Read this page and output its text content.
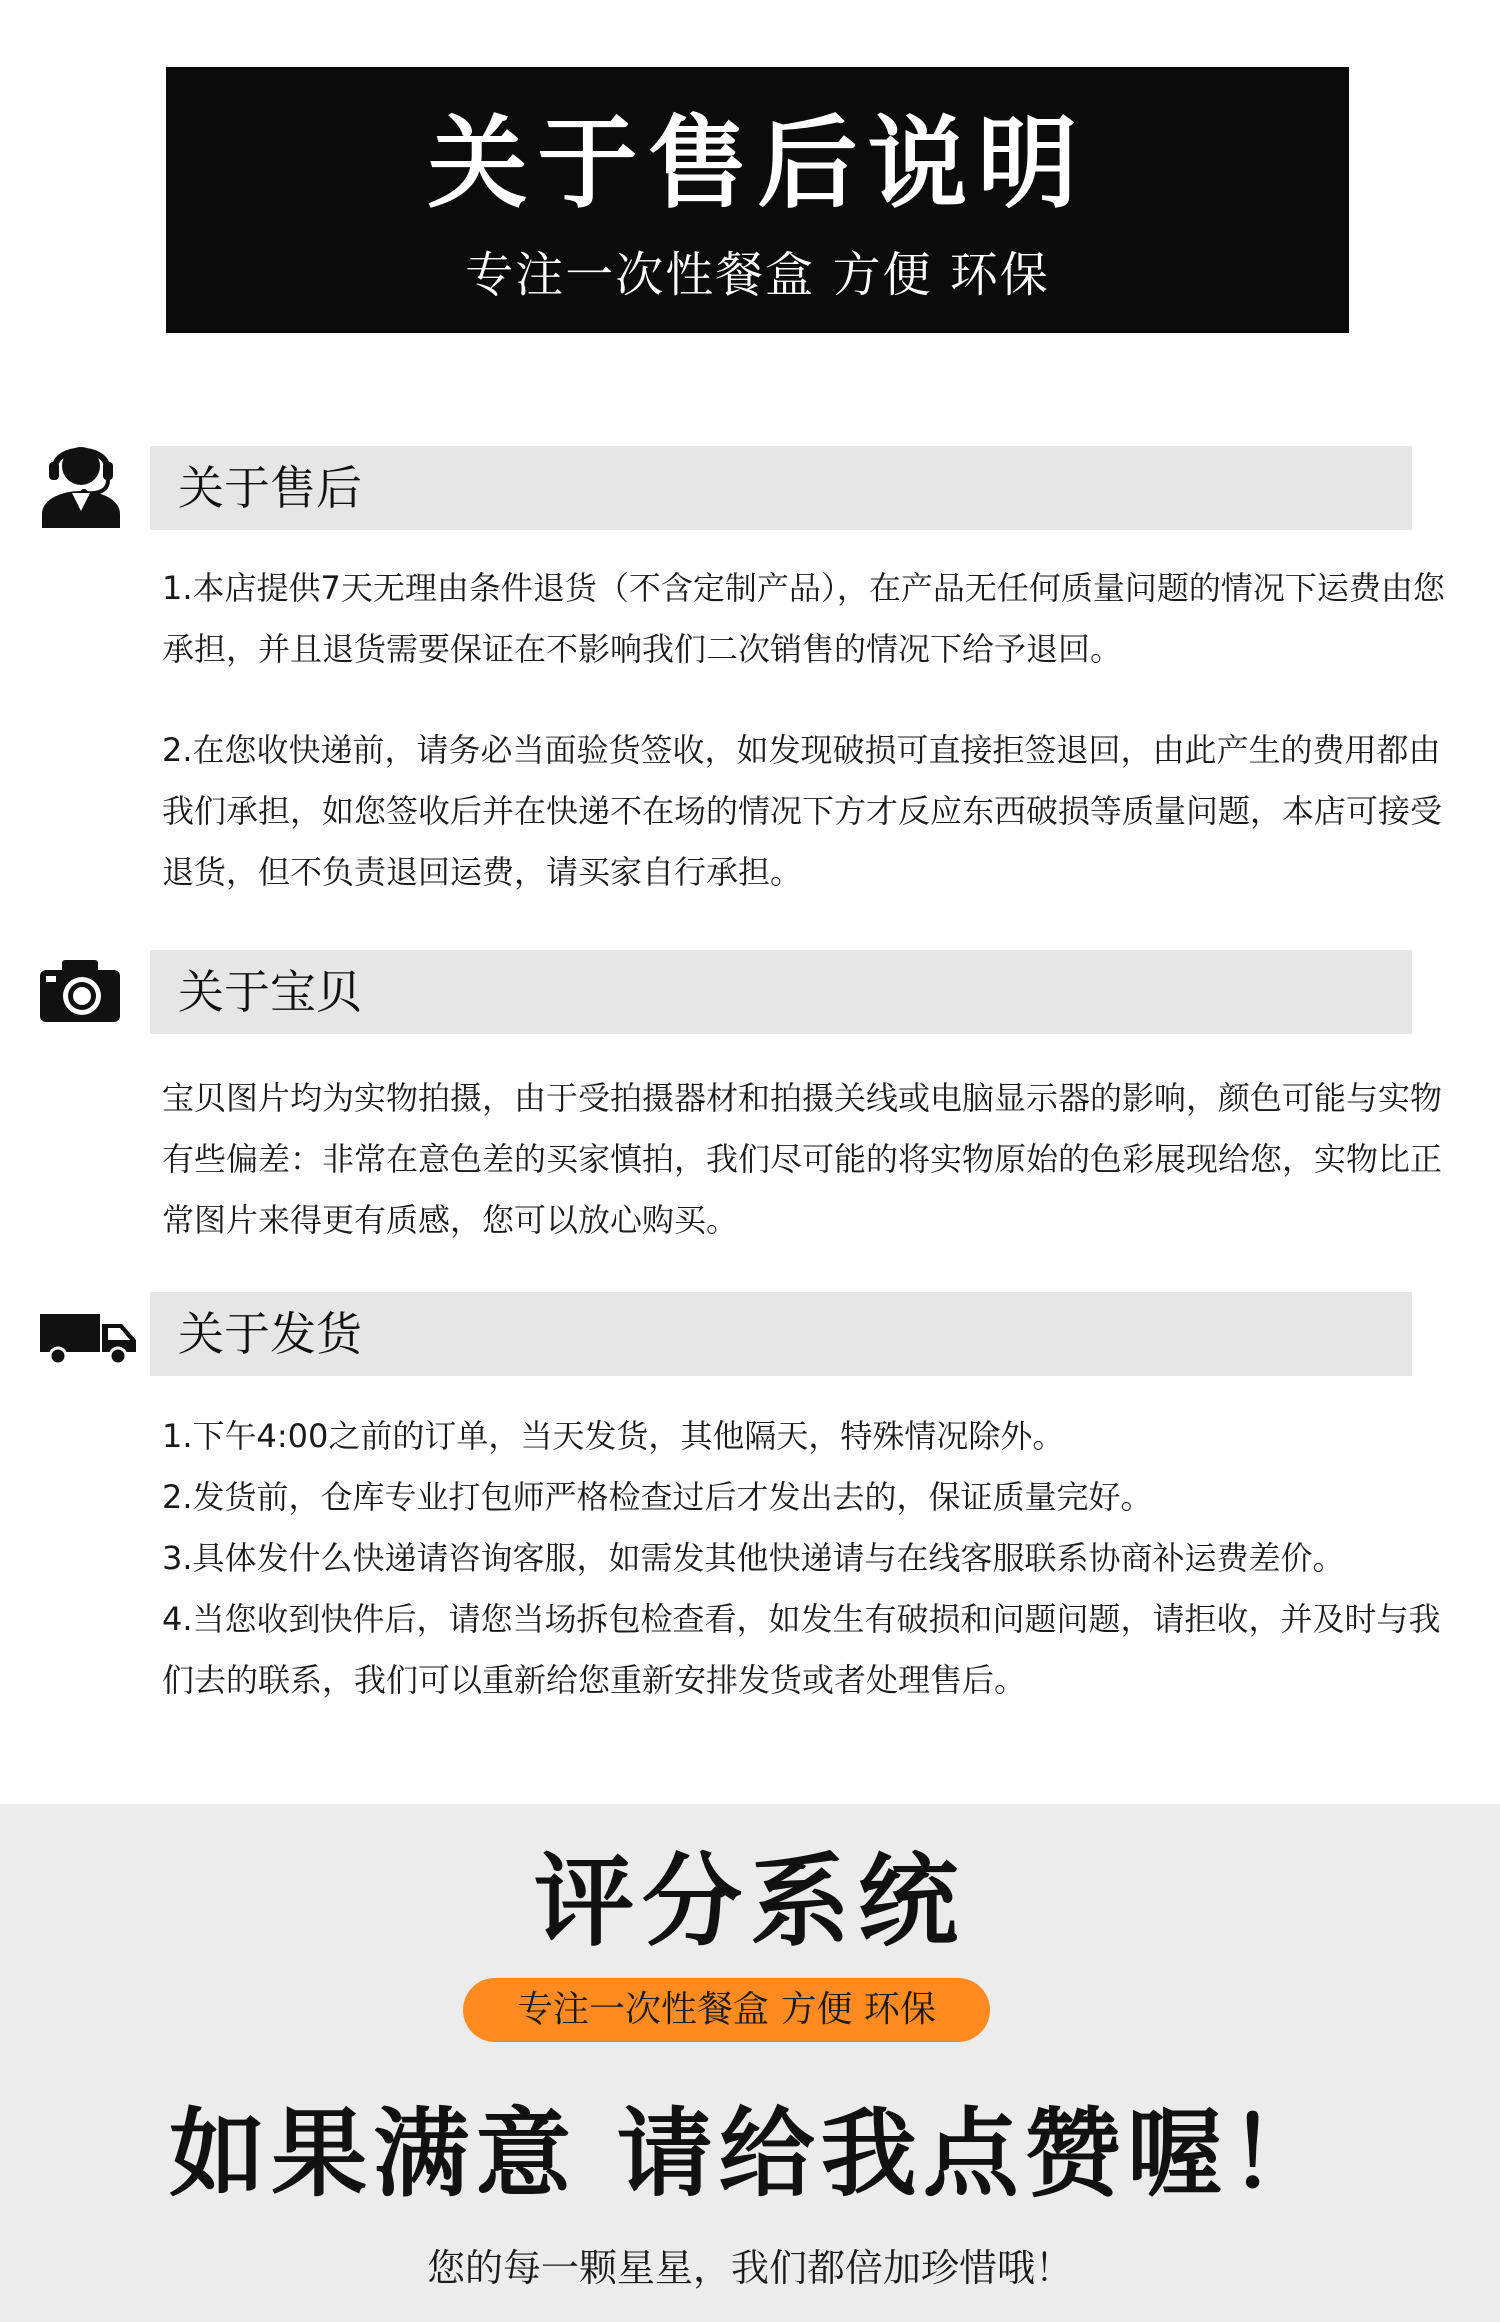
关于售后说明
专注一次性餐盒 方便 环保
关于售后

1.本店提供7天无理由条件退货（不含定制产品），在产品无任何质量问题的情况下运费由您承担，并且退货需要保证在不影响我们二次销售的情况下给予退回。

2.在您收快递前，请务必当面验货签收，如发现破损可直接拒签退回，由此产生的费用都由我们承担，如您签收后并在快递不在场的情况下方才反应东西破损等质量问题，本店可接受退货，但不负责退回运费，请买家自行承担。

关于宝贝

宝贝图片均为实物拍摄，由于受拍摄器材和拍摄关线或电脑显示器的影响，颜色可能与实物有些偏差：非常在意色差的买家慎拍，我们尽可能的将实物原始的色彩展现给您，实物比正常图片来得更有质感，您可以放心购买。

关于发货

1.下午4:00之前的订单，当天发货，其他隔天，特殊情况除外。

2.发货前，仓库专业打包师严格检查过后才发出去的，保证质量完好。

3.具体发什么快递请咨询客服，如需发其他快递请与在线客服联系协商补运费差价。

4.当您收到快件后，请您当场拆包检查看，如发生有破损和问题问题，请拒收，并及时与我们去的联系，我们可以重新给您重新安排发货或者处理售后。

评分系统
专注一次性餐盒 方便 环保
如果满意 请给我点赞喔！
您的每一颗星星，我们都倍加珍惜哦！
